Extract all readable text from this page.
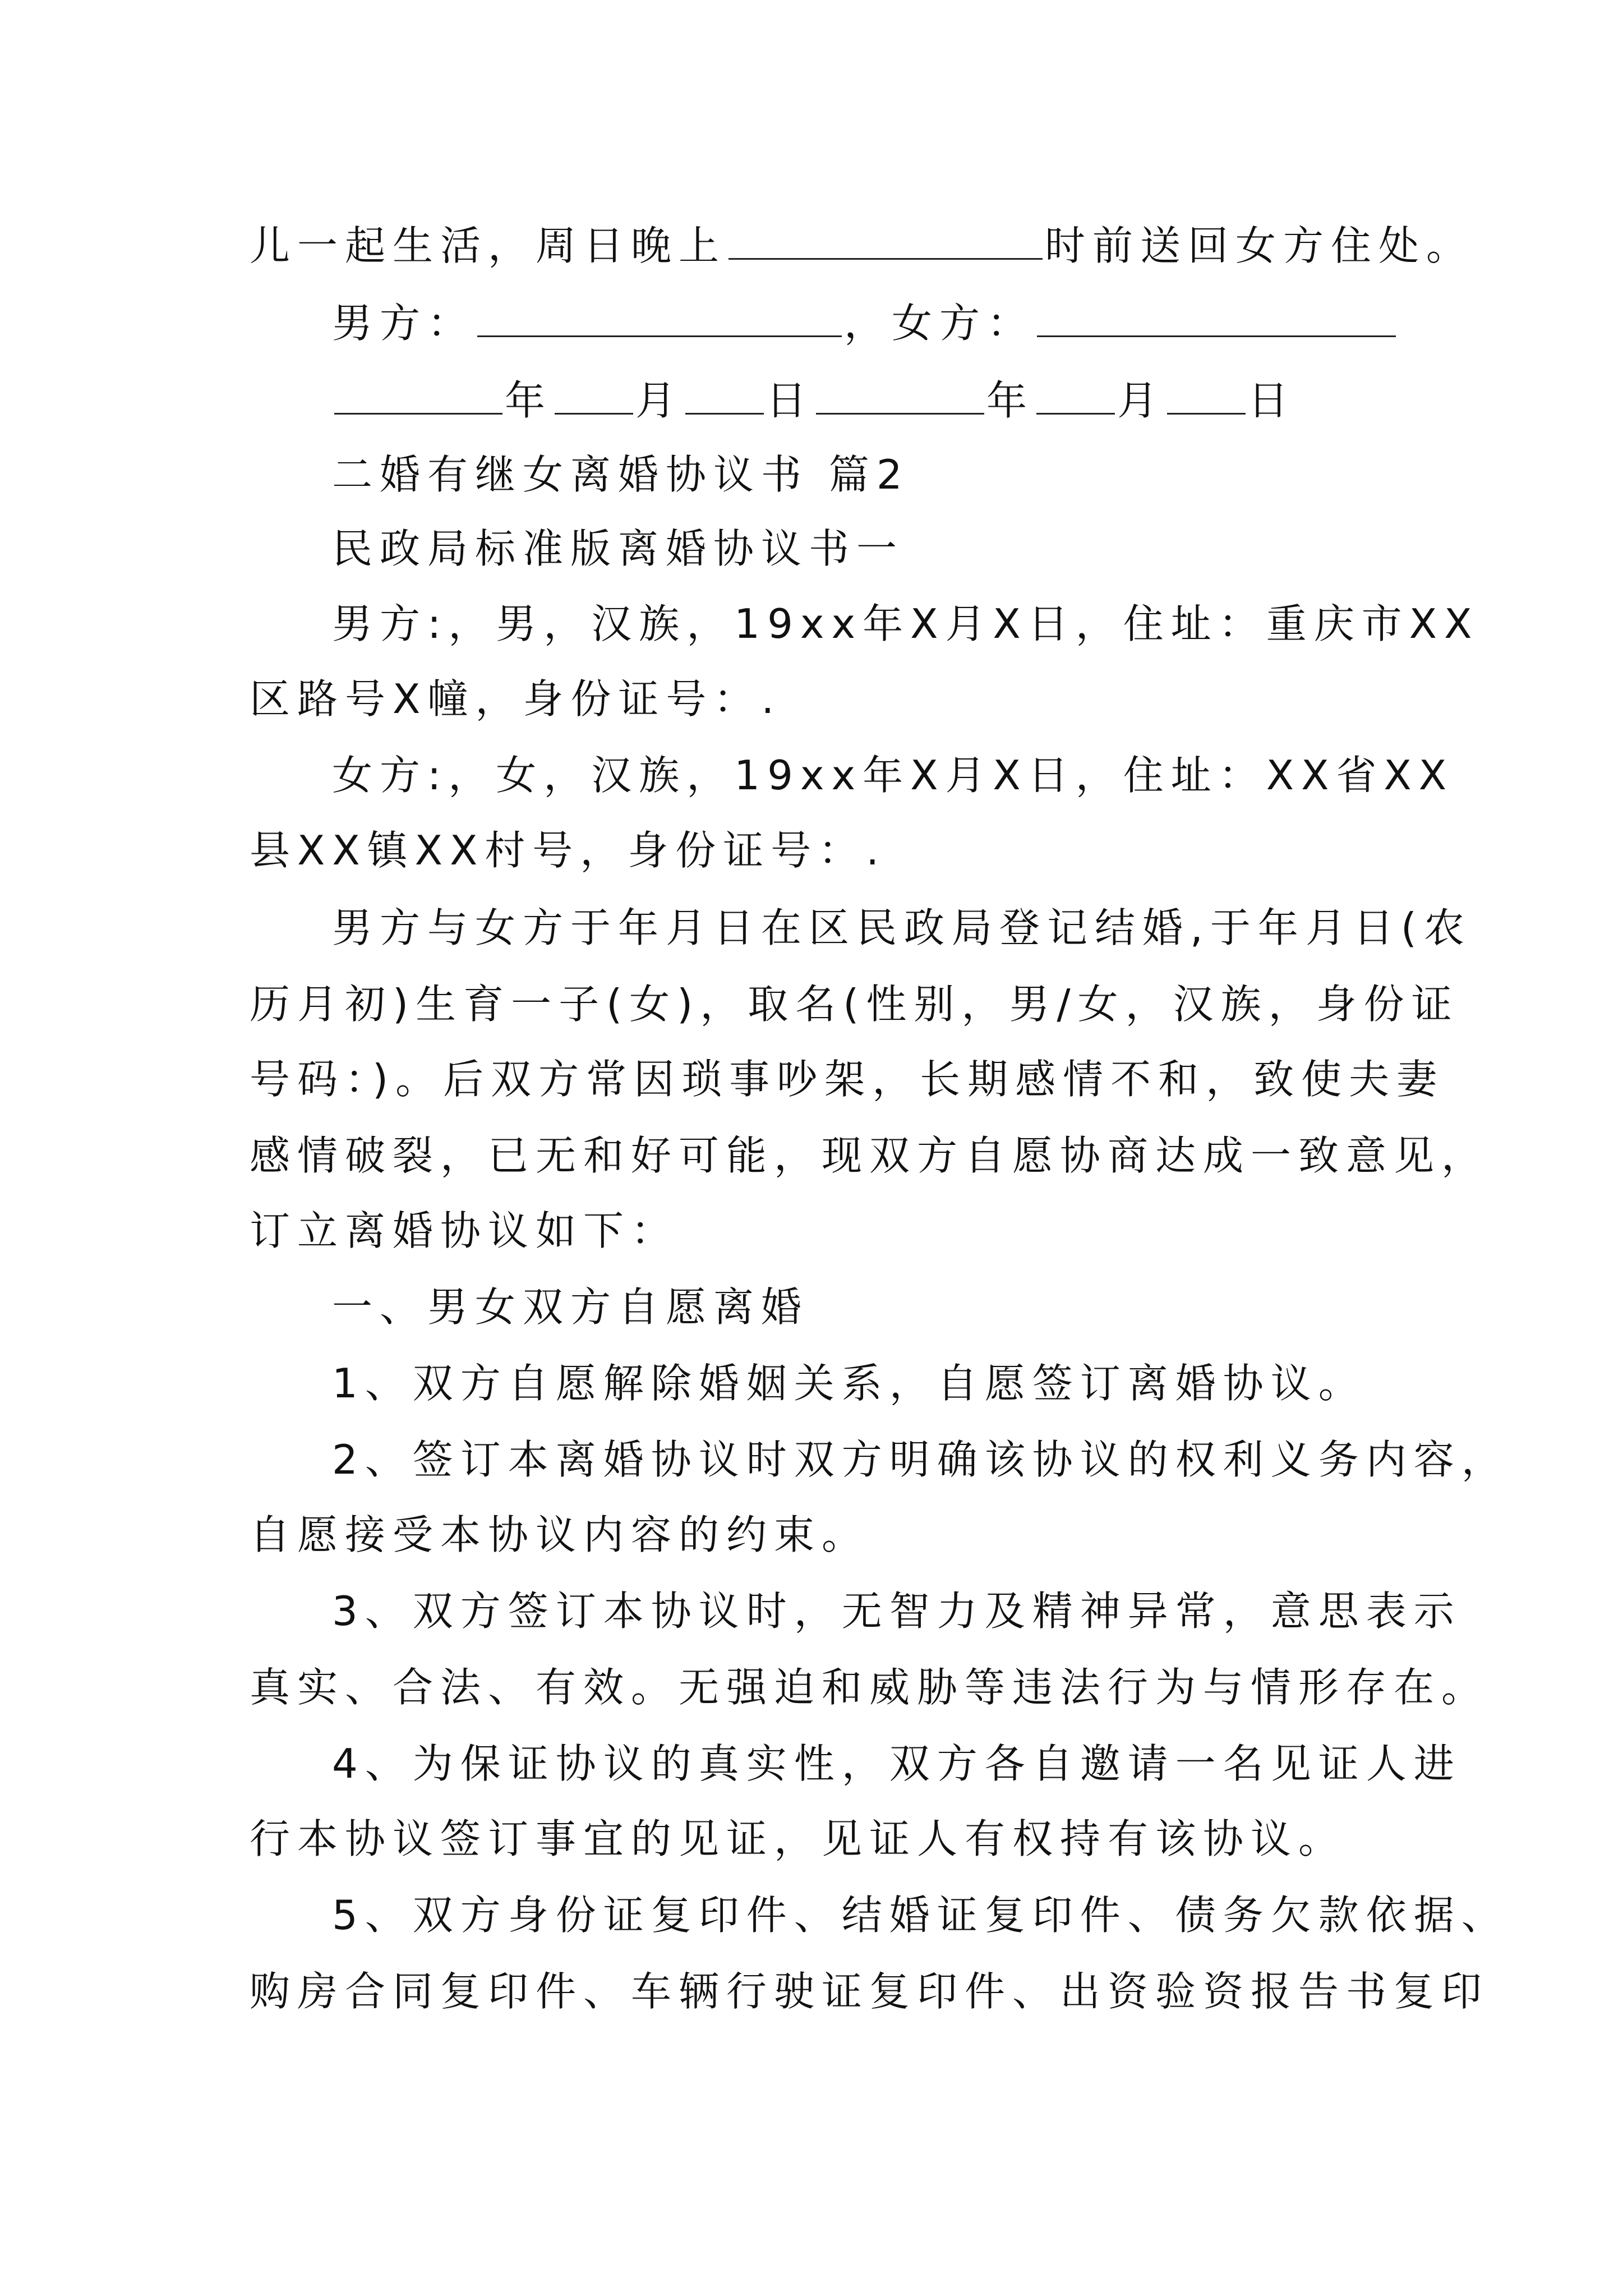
儿一起生活，周日晚上	时前送回女方住处。
男方：	，女方：
年 月 日	年 月 日
二婚有继女离婚协议书 篇2
民政局标准版离婚协议书一
男方:，男，汉族，19xx年X月X日，住址：重庆市XX
区路号X幢，身份证号：.
女方:，女，汉族，19xx年X月X日，住址：XX省XX
县XX镇XX村号，身份证号：.
男方与女方于年月日在区民政局登记结婚,于年月日(农
历月初)生育一子(女)，取名(性别，男/女，汉族，身份证
号码：)。后双方常因琐事吵架，长期感情不和，致使夫妻
感情破裂，已无和好可能，现双方自愿协商达成一致意见，
订立离婚协议如下：
一、男女双方自愿离婚
1、双方自愿解除婚姻关系，自愿签订离婚协议。
2、签订本离婚协议时双方明确该协议的权利义务内容，
自愿接受本协议内容的约束。
3、双方签订本协议时，无智力及精神异常，意思表示
真实、合法、有效。无强迫和威胁等违法行为与情形存在。
4、为保证协议的真实性，双方各自邀请一名见证人进
行本协议签订事宜的见证，见证人有权持有该协议。
5、双方身份证复印件、结婚证复印件、债务欠款依据、
购房合同复印件、车辆行驶证复印件、出资验资报告书复印
